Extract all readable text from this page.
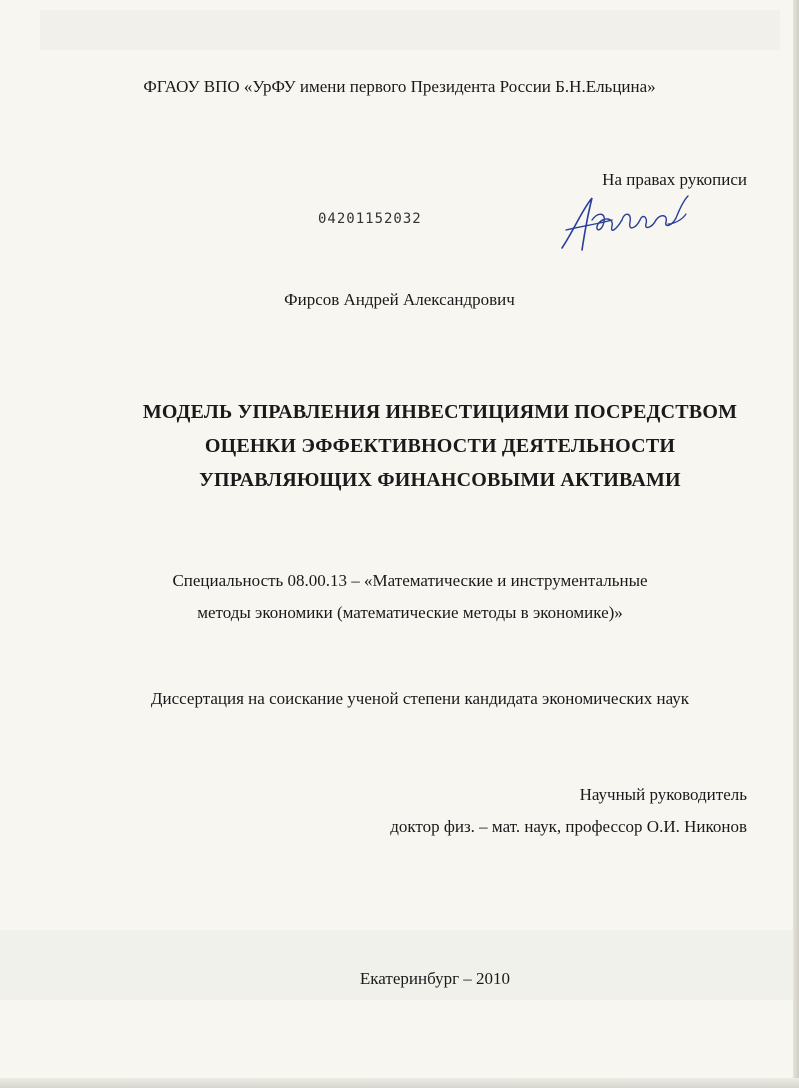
ФГАОУ ВПО «УрФУ имени первого Президента России Б.Н.Ельцина»
На правах рукописи
04201152032
Фирсов Андрей Александрович
МОДЕЛЬ УПРАВЛЕНИЯ ИНВЕСТИЦИЯМИ ПОСРЕДСТВОМ
ОЦЕНКИ ЭФФЕКТИВНОСТИ ДЕЯТЕЛЬНОСТИ
УПРАВЛЯЮЩИХ ФИНАНСОВЫМИ АКТИВАМИ
Специальность 08.00.13 – «Математические и инструментальные
методы экономики (математические методы в экономике)»
Диссертация на соискание ученой степени кандидата экономических наук
Научный руководитель
доктор физ. – мат. наук, профессор О.И. Никонов
Екатеринбург – 2010
